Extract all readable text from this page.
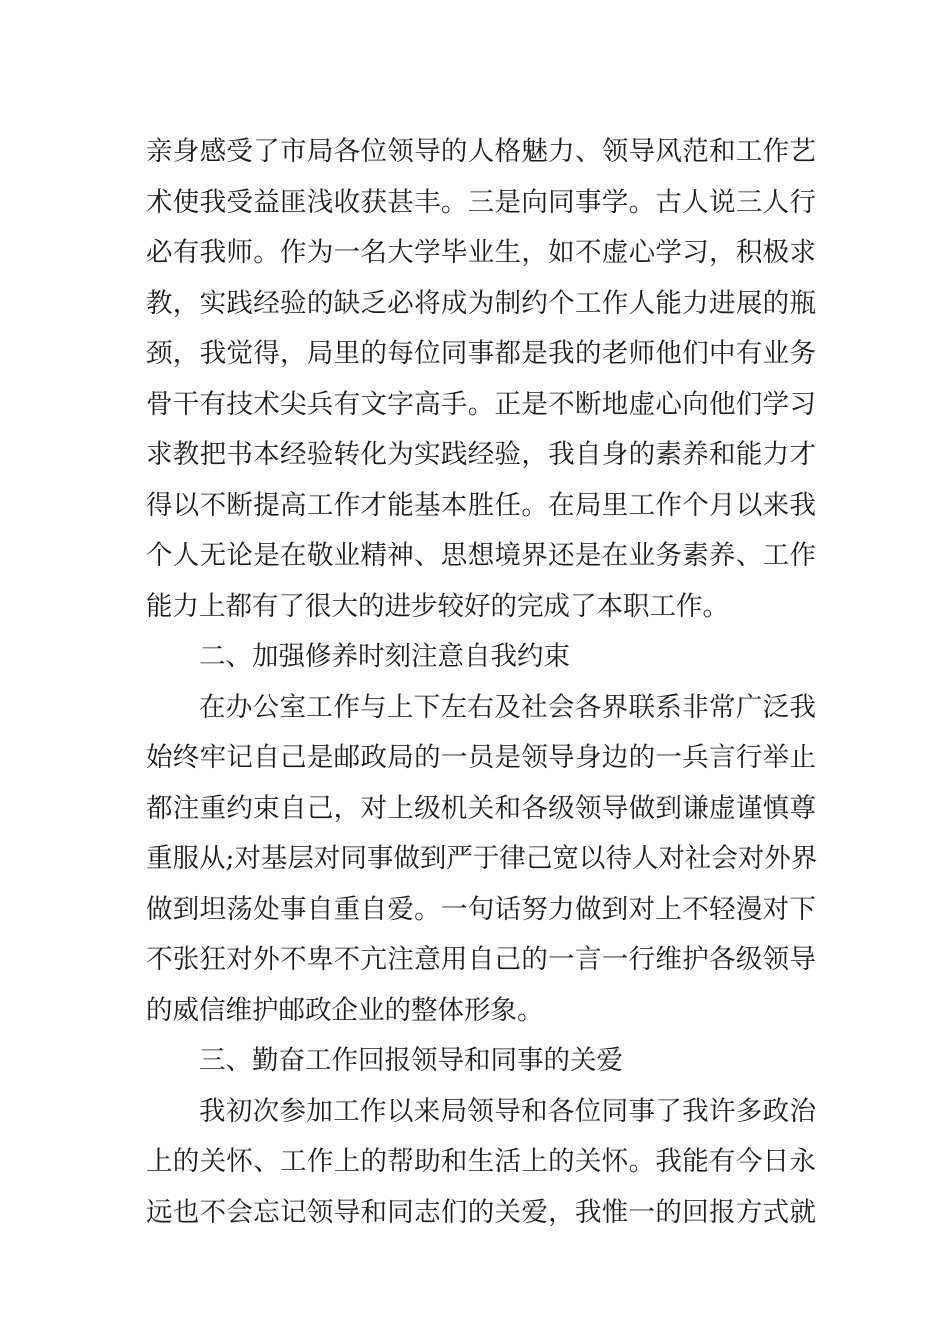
亲身感受了市局各位领导的人格魅力、领导风范和工作艺
术使我受益匪浅收获甚丰。三是向同事学。古人说三人行
必有我师。作为一名大学毕业生，如不虚心学习，积极求
教，实践经验的缺乏必将成为制约个工作人能力进展的瓶
颈，我觉得，局里的每位同事都是我的老师他们中有业务
骨干有技术尖兵有文字高手。正是不断地虚心向他们学习
求教把书本经验转化为实践经验，我自身的素养和能力才
得以不断提高工作才能基本胜任。在局里工作个月以来我
个人无论是在敬业精神、思想境界还是在业务素养、工作
能力上都有了很大的进步较好的完成了本职工作。
二、加强修养时刻注意自我约束
在办公室工作与上下左右及社会各界联系非常广泛我
始终牢记自己是邮政局的一员是领导身边的一兵言行举止
都注重约束自己，对上级机关和各级领导做到谦虚谨慎尊
重服从;对基层对同事做到严于律己宽以待人对社会对外界
做到坦荡处事自重自爱。一句话努力做到对上不轻漫对下
不张狂对外不卑不亢注意用自己的一言一行维护各级领导
的威信维护邮政企业的整体形象。
三、勤奋工作回报领导和同事的关爱
我初次参加工作以来局领导和各位同事了我许多政治
上的关怀、工作上的帮助和生活上的关怀。我能有今日永
远也不会忘记领导和同志们的关爱，我惟一的回报方式就
